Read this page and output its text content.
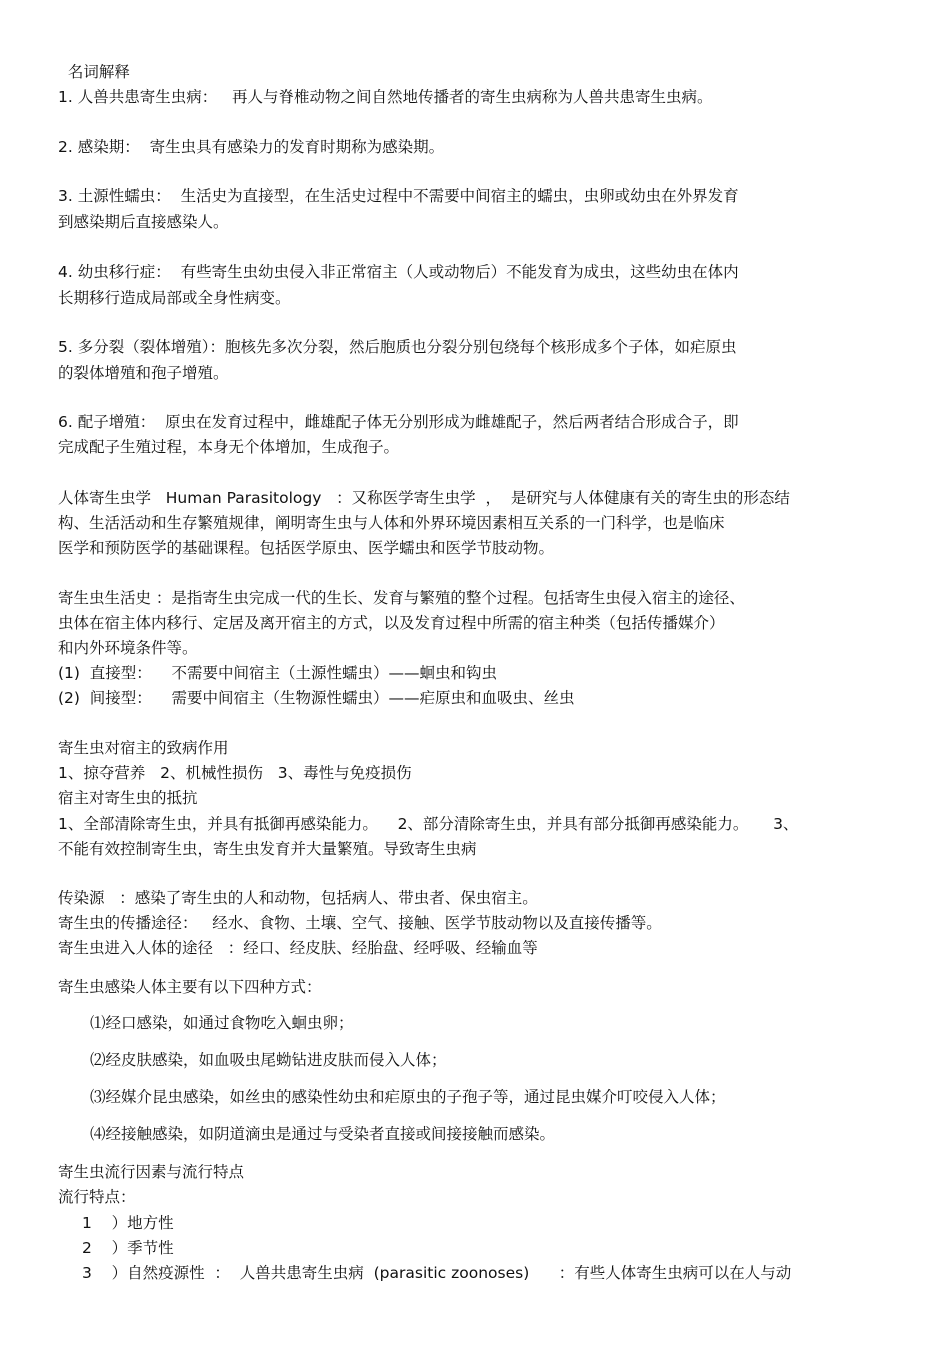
名词解释
1. 人兽共患寄生虫病：   再人与脊椎动物之间自然地传播者的寄生虫病称为人兽共患寄生虫病。
2. 感染期：  寄生虫具有感染力的发育时期称为感染期。
3. 土源性蠕虫：  生活史为直接型，在生活史过程中不需要中间宿主的蠕虫，虫卵或幼虫在外界发育
到感染期后直接感染人。
4. 幼虫移行症：  有些寄生虫幼虫侵入非正常宿主（人或动物后）不能发育为成虫，这些幼虫在体内
长期移行造成局部或全身性病变。
5. 多分裂（裂体增殖）：胞核先多次分裂，然后胞质也分裂分别包绕每个核形成多个子体，如疟原虫
的裂体增殖和孢子增殖。
6. 配子增殖：  原虫在发育过程中，雌雄配子体无分别形成为雌雄配子，然后两者结合形成合子，即
完成配子生殖过程，本身无个体增加，生成孢子。
人体寄生虫学   Human Parasitology   ：又称医学寄生虫学  ，  是研究与人体健康有关的寄生虫的形态结
构、生活活动和生存繁殖规律，阐明寄生虫与人体和外界环境因素相互关系的一门科学，也是临床
医学和预防医学的基础课程。包括医学原虫、医学蠕虫和医学节肢动物。
寄生虫生活史 ：是指寄生虫完成一代的生长、发育与繁殖的整个过程。包括寄生虫侵入宿主的途径、
虫体在宿主体内移行、定居及离开宿主的方式，以及发育过程中所需的宿主种类（包括传播媒介）
和内外环境条件等。
(1)  直接型：    不需要中间宿主（土源性蠕虫）——蛔虫和钩虫
(2)  间接型：    需要中间宿主（生物源性蠕虫）——疟原虫和血吸虫、丝虫
寄生虫对宿主的致病作用
1、掠夺营养   2、机械性损伤   3、毒性与免疫损伤
宿主对寄生虫的抵抗
1、全部清除寄生虫，并具有抵御再感染能力。    2、部分清除寄生虫，并具有部分抵御再感染能力。     3、
不能有效控制寄生虫，寄生虫发育并大量繁殖。导致寄生虫病
传染源   ：感染了寄生虫的人和动物，包括病人、带虫者、保虫宿主。
寄生虫的传播途径：   经水、食物、土壤、空气、接触、医学节肢动物以及直接传播等。
寄生虫进入人体的途径   ：经口、经皮肤、经胎盘、经呼吸、经输血等
寄生虫感染人体主要有以下四种方式：
⑴经口感染，如通过食物吃入蛔虫卵；
⑵经皮肤感染，如血吸虫尾蚴钻进皮肤而侵入人体；
⑶经媒介昆虫感染，如丝虫的感染性幼虫和疟原虫的子孢子等，通过昆虫媒介叮咬侵入人体；
⑷经接触感染，如阴道滴虫是通过与受染者直接或间接接触而感染。
寄生虫流行因素与流行特点
流行特点：
1    ）地方性
2    ）季节性
3    ）自然疫源性  ：  人兽共患寄生虫病  (parasitic zoonoses)      ：有些人体寄生虫病可以在人与动
